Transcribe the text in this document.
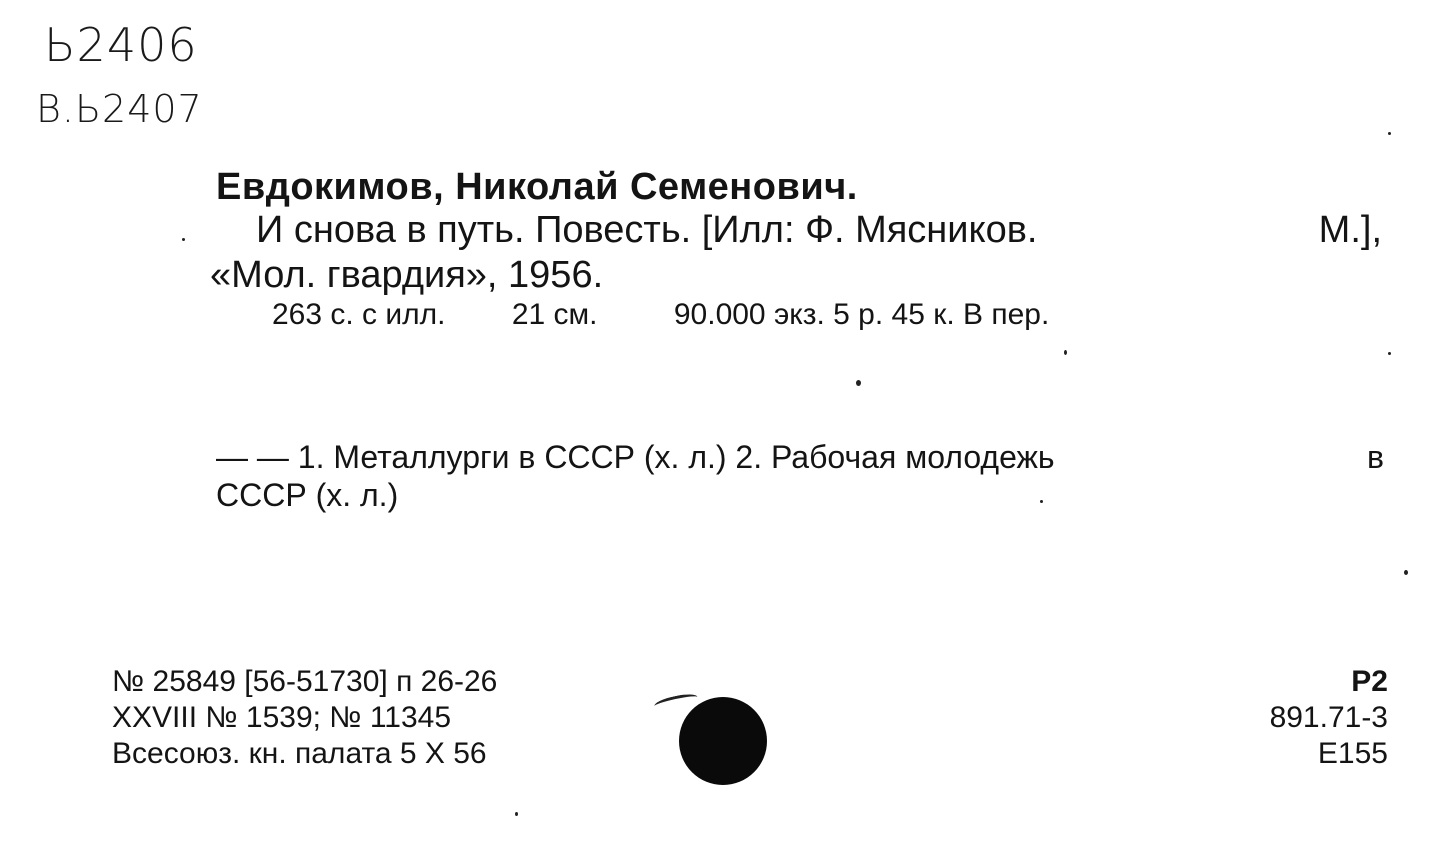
Ь2406
В.Ь2407
Евдокимов, Николай Семенович.
И снова в путь. Повесть. [Илл: Ф. Мясников.	М.],
«Мол. гвардия», 1956.
263 с. с илл. 21 см.	90.000 экз. 5 р. 45 к. В пер.
— — 1. Металлурги в СССР (х. л.) 2. Рабочая молодежь	в
СССР (х. л.)
№ 25849 [56-51730] п 26-26
XXVIII № 1539; № 11345
Всесоюз. кн. палата 5 X 56
Р2
891.71-3
Е155
